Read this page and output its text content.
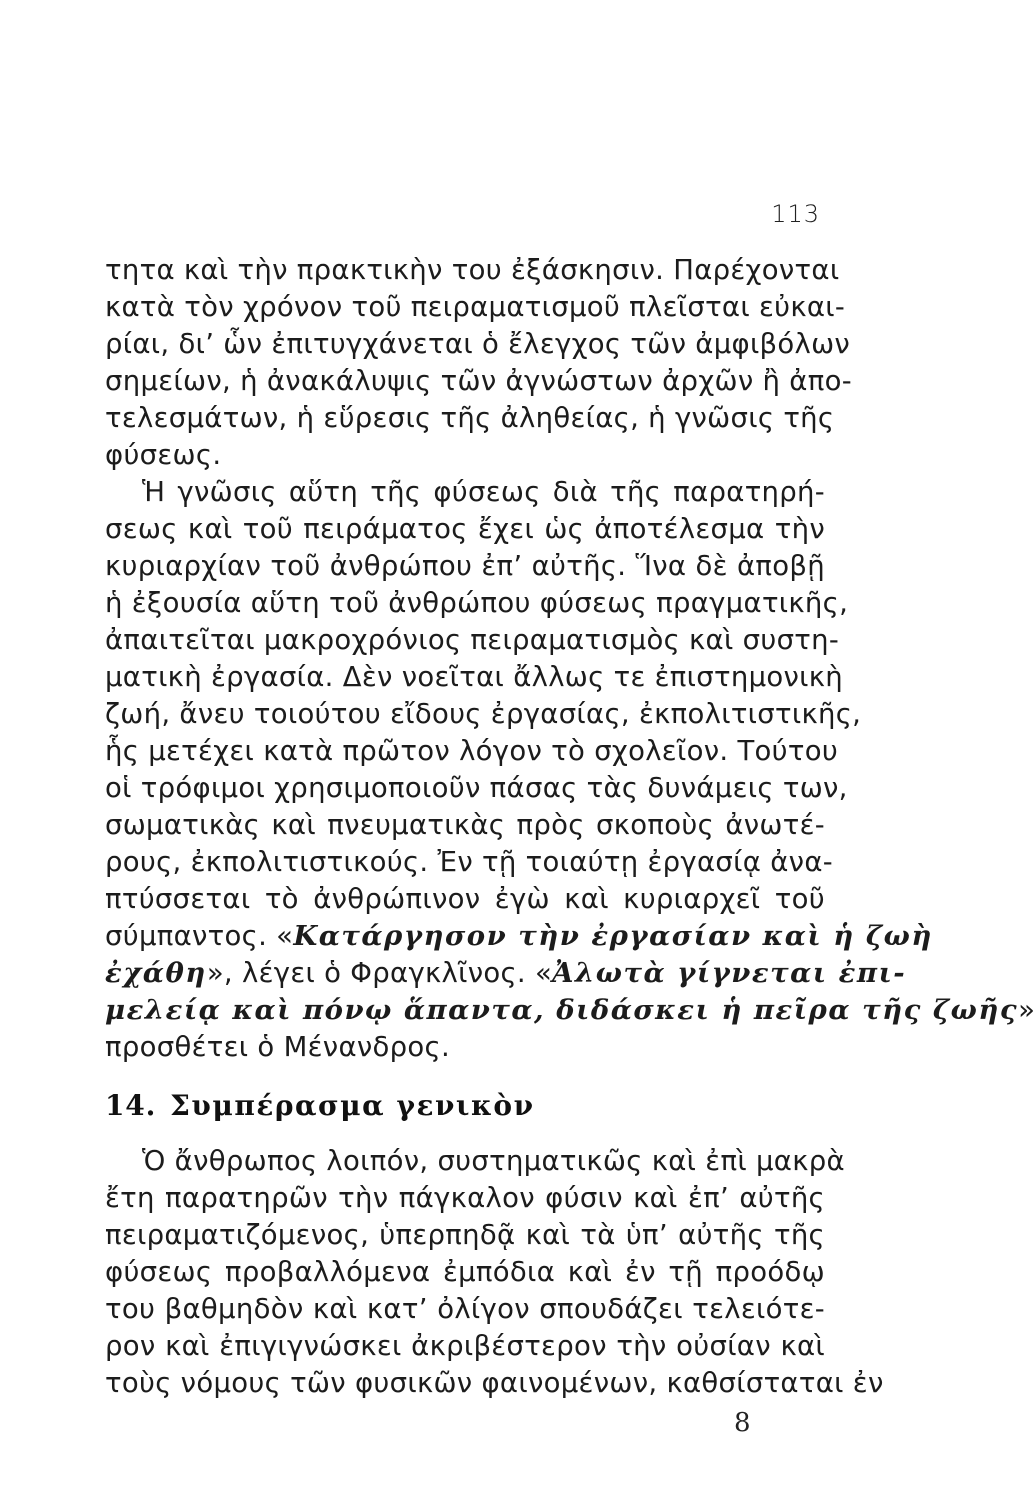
113
τητα καὶ τὴν πρακτικὴν του ἐξάσκησιν. Παρέχονται
κατὰ τὸν χρόνον τοῦ πειραματισμοῦ πλεῖσται εὐκαι-
ρίαι, δι’ ὧν ἐπιτυγχάνεται ὁ ἔλεγχος τῶν ἀμφιβόλων
σημείων, ἡ ἀνακάλυψις τῶν ἀγνώστων ἀρχῶν ἢ ἀπο-
τελεσμάτων, ἡ εὕρεσις τῆς ἀληθείας, ἡ γνῶσις τῆς
φύσεως.
Ἡ γνῶσις αὕτη τῆς φύσεως διὰ τῆς παρατηρή-
σεως καὶ τοῦ πειράματος ἔχει ὡς ἀποτέλεσμα τὴν
κυριαρχίαν τοῦ ἀνθρώπου ἐπ’ αὐτῆς. Ἵνα δὲ ἀποβῇ
ἡ ἐξουσία αὕτη τοῦ ἀνθρώπου φύσεως πραγματικῆς,
ἀπαιτεῖται μακροχρόνιος πειραματισμὸς καὶ συστη-
ματικὴ ἐργασία. Δὲν νοεῖται ἄλλως τε ἐπιστημονικὴ
ζωή, ἄνευ τοιούτου εἴδους ἐργασίας, ἐκπολιτιστικῆς,
ἧς μετέχει κατὰ πρῶτον λόγον τὸ σχολεῖον. Τούτου
οἱ τρόφιμοι χρησιμοποιοῦν πάσας τὰς δυνάμεις των,
σωματικὰς καὶ πνευματικὰς πρὸς σκοποὺς ἀνωτέ-
ρους, ἐκπολιτιστικούς. Ἐν τῇ τοιαύτῃ ἐργασίᾳ ἀνα-
πτύσσεται τὸ ἀνθρώπινον ἐγὼ καὶ κυριαρχεῖ τοῦ
σύμπαντος. «Κατάργησον τὴν ἐργασίαν καὶ ἡ ζωὴ
ἐχάθη», λέγει ὁ Φραγκλῖνος. «Ἀλωτὰ γίγνεται ἐπι-
μελείᾳ καὶ πόνῳ ἅπαντα, διδάσκει ἡ πεῖρα τῆς ζωῆς»
προσθέτει ὁ Μένανδρος.
14. Συμπέρασμα γενικὸν
Ὁ ἄνθρωπος λοιπόν, συστηματικῶς καὶ ἐπὶ μακρὰ
ἔτη παρατηρῶν τὴν πάγκαλον φύσιν καὶ ἐπ’ αὐτῆς
πειραματιζόμενος, ὑπερπηδᾷ καὶ τὰ ὑπ’ αὐτῆς τῆς
φύσεως προβαλλόμενα ἐμπόδια καὶ ἐν τῇ προόδῳ
του βαθμηδὸν καὶ κατ’ ὀλίγον σπουδάζει τελειότε-
ρον καὶ ἐπιγιγνώσκει ἀκριβέστερον τὴν οὐσίαν καὶ
τοὺς νόμους τῶν φυσικῶν φαινομένων, καθσίσταται ἐν
8
